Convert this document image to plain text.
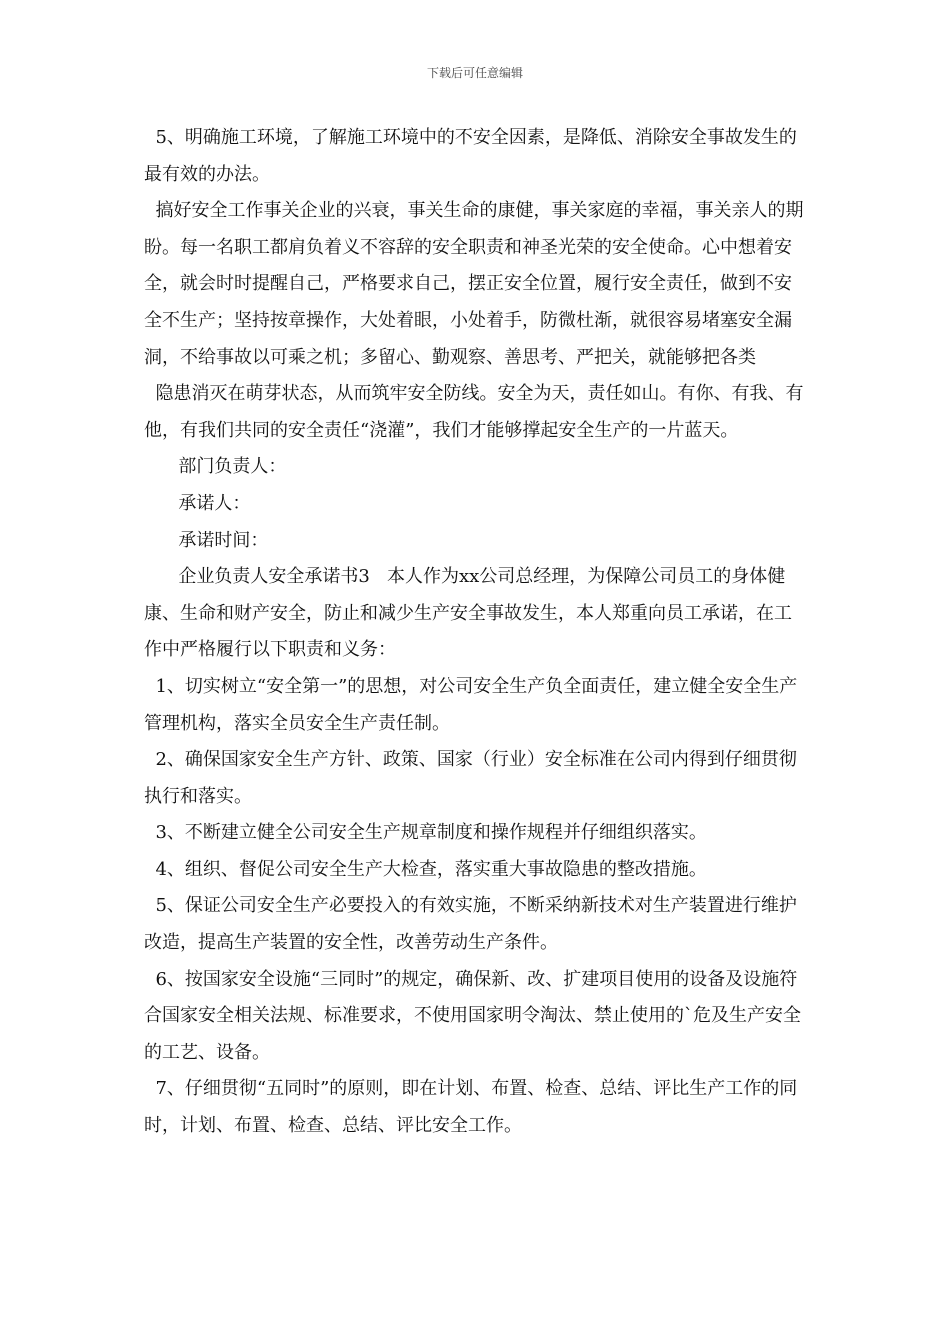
下载后可任意编辑

5、明确施工环境，了解施工环境中的不安全因素，是降低、消除安全事故发生的最有效的办法。

搞好安全工作事关企业的兴衰，事关生命的康健，事关家庭的幸福，事关亲人的期盼。每一名职工都肩负着义不容辞的安全职责和神圣光荣的安全使命。心中想着安全，就会时时提醒自己，严格要求自己，摆正安全位置，履行安全责任，做到不安全不生产；坚持按章操作，大处着眼，小处着手，防微杜渐，就很容易堵塞安全漏洞，不给事故以可乘之机；多留心、勤观察、善思考、严把关，就能够把各类

隐患消灭在萌芽状态，从而筑牢安全防线。安全为天，责任如山。有你、有我、有他，有我们共同的安全责任“浇灌”，我们才能够撑起安全生产的一片蓝天。

部门负责人：

承诺人：

承诺时间：

企业负责人安全承诺书3   本人作为xx公司总经理，为保障公司员工的身体健康、生命和财产安全，防止和减少生产安全事故发生，本人郑重向员工承诺，在工作中严格履行以下职责和义务：

1、切实树立“安全第一”的思想，对公司安全生产负全面责任，建立健全安全生产管理机构，落实全员安全生产责任制。

2、确保国家安全生产方针、政策、国家（行业）安全标准在公司内得到仔细贯彻执行和落实。

3、不断建立健全公司安全生产规章制度和操作规程并仔细组织落实。

4、组织、督促公司安全生产大检查，落实重大事故隐患的整改措施。

5、保证公司安全生产必要投入的有效实施，不断采纳新技术对生产装置进行维护改造，提高生产装置的安全性，改善劳动生产条件。

6、按国家安全设施“三同时”的规定，确保新、改、扩建项目使用的设备及设施符合国家安全相关法规、标准要求，不使用国家明令淘汰、禁止使用的`危及生产安全的工艺、设备。

7、仔细贯彻“五同时”的原则，即在计划、布置、检查、总结、评比生产工作的同时，计划、布置、检查、总结、评比安全工作。
